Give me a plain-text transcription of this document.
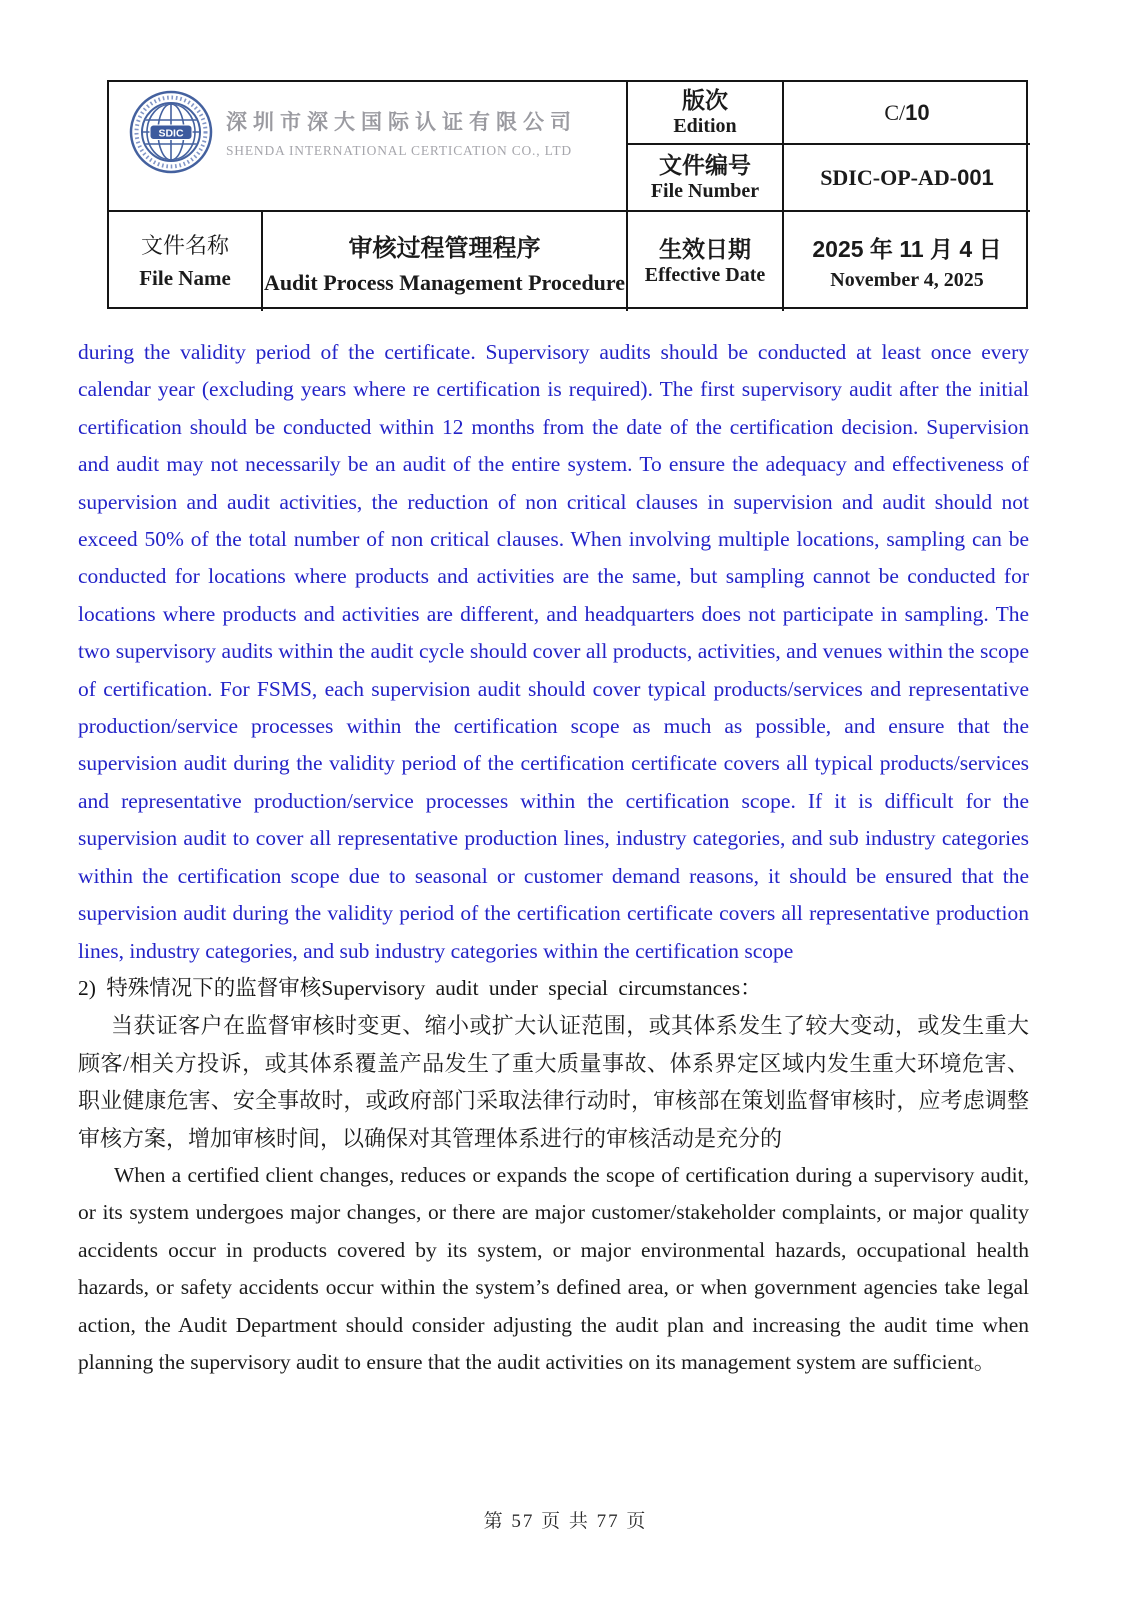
SDIC 深圳市深大国际认证有限公司
SHENDA INTERNATIONAL CERTICATION CO., LTD
版次
Edition
C/10
文件编号
File Number
SDIC-OP-AD-001
文件名称
File Name
审核过程管理程序
Audit Process Management Procedure
生效日期
Effective Date
2025 年 11 月 4 日
November 4, 2025

during the validity period of the certificate. Supervisory audits should be conducted at least once every calendar year (excluding years where re certification is required). The first supervisory audit after the initial certification should be conducted within 12 months from the date of the certification decision. Supervision and audit may not necessarily be an audit of the entire system. To ensure the adequacy and effectiveness of supervision and audit activities, the reduction of non critical clauses in supervision and audit should not exceed 50% of the total number of non critical clauses. When involving multiple locations, sampling can be conducted for locations where products and activities are the same, but sampling cannot be conducted for locations where products and activities are different, and headquarters does not participate in sampling. The two supervisory audits within the audit cycle should cover all products, activities, and venues within the scope of certification. For FSMS, each supervision audit should cover typical products/services and representative production/service processes within the certification scope as much as possible, and ensure that the supervision audit during the validity period of the certification certificate covers all typical products/services and representative production/service processes within the certification scope. If it is difficult for the supervision audit to cover all representative production lines, industry categories, and sub industry categories within the certification scope due to seasonal or customer demand reasons, it should be ensured that the supervision audit during the validity period of the certification certificate covers all representative production lines, industry categories, and sub industry categories within the certification scope

2) 特殊情况下的监督审核Supervisory audit under special circumstances：

当获证客户在监督审核时变更、缩小或扩大认证范围，或其体系发生了较大变动，或发生重大顾客/相关方投诉，或其体系覆盖产品发生了重大质量事故、体系界定区域内发生重大环境危害、职业健康危害、安全事故时，或政府部门采取法律行动时，审核部在策划监督审核时，应考虑调整审核方案，增加审核时间，以确保对其管理体系进行的审核活动是充分的

When a certified client changes, reduces or expands the scope of certification during a supervisory audit, or its system undergoes major changes, or there are major customer/stakeholder complaints, or major quality accidents occur in products covered by its system, or major environmental hazards, occupational health hazards, or safety accidents occur within the system’s defined area, or when government agencies take legal action, the Audit Department should consider adjusting the audit plan and increasing the audit time when planning the supervisory audit to ensure that the audit activities on its management system are sufficient。

第 57 页 共 77 页
